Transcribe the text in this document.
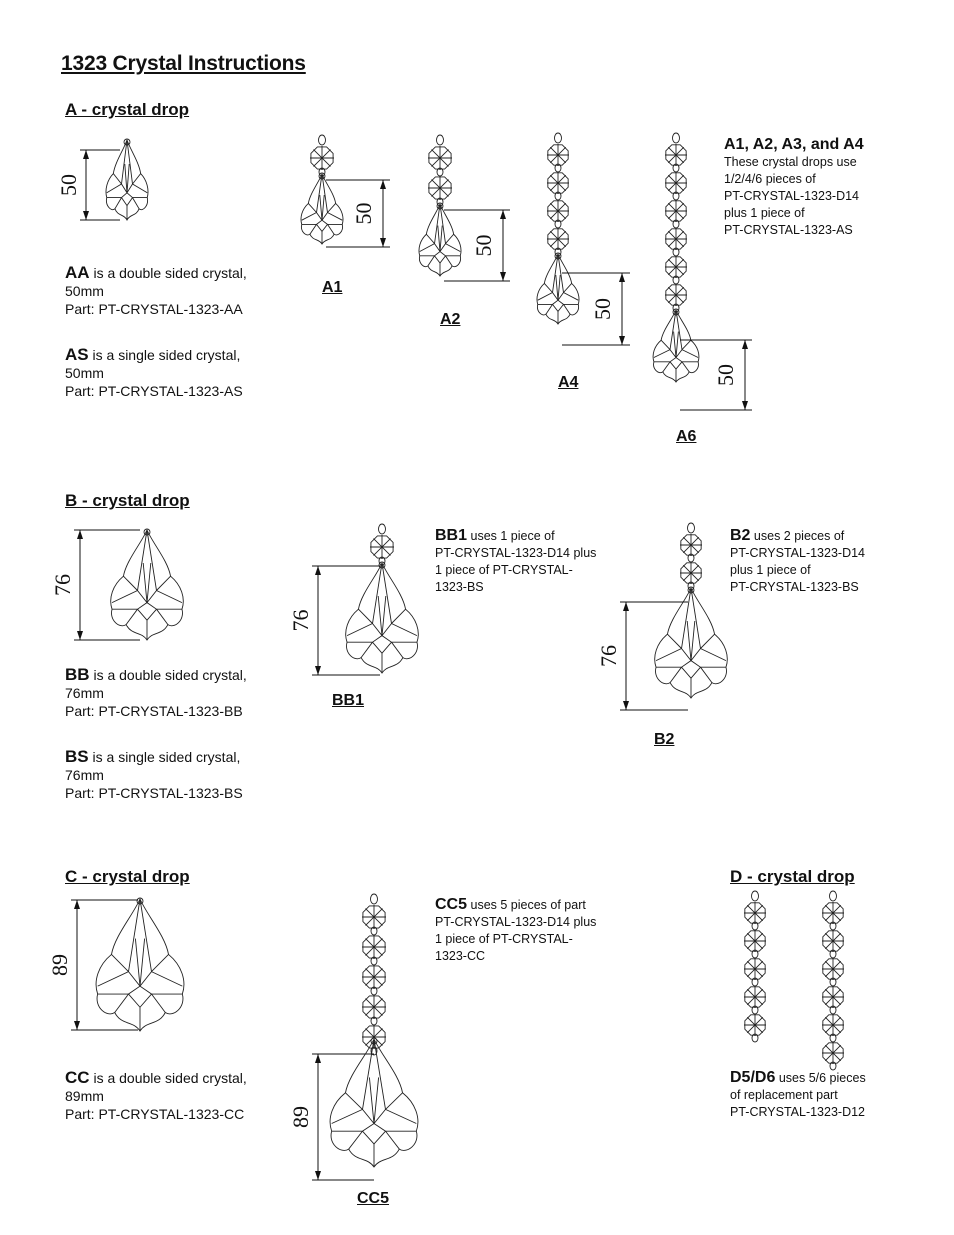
50
50
50
50
50
76
76
76
89
89
1323 Crystal Instructions
A - crystal drop
AA is a double sided crystal,
50mm
Part: PT-CRYSTAL-1323-AA
AS is a single sided crystal,
50mm
Part: PT-CRYSTAL-1323-AS
A1
A2
A4
A6
A1, A2, A3, and A4
These crystal drops use
1/2/4/6 pieces of
PT-CRYSTAL-1323-D14
plus 1 piece of
PT-CRYSTAL-1323-AS
B - crystal drop
BB is a double sided crystal,
76mm
Part: PT-CRYSTAL-1323-BB
BS is a single sided crystal,
76mm
Part: PT-CRYSTAL-1323-BS
BB1
B2
BB1 uses 1 piece of
PT-CRYSTAL-1323-D14 plus
1 piece of PT-CRYSTAL-
1323-BS
B2 uses 2 pieces of
PT-CRYSTAL-1323-D14
plus 1 piece of
PT-CRYSTAL-1323-BS
C - crystal drop
CC is a double sided crystal,
89mm
Part: PT-CRYSTAL-1323-CC
CC5
CC5 uses 5 pieces of part
PT-CRYSTAL-1323-D14 plus
1 piece of PT-CRYSTAL-
1323-CC
D - crystal drop
D5/D6 uses 5/6 pieces
of replacement part
PT-CRYSTAL-1323-D12
